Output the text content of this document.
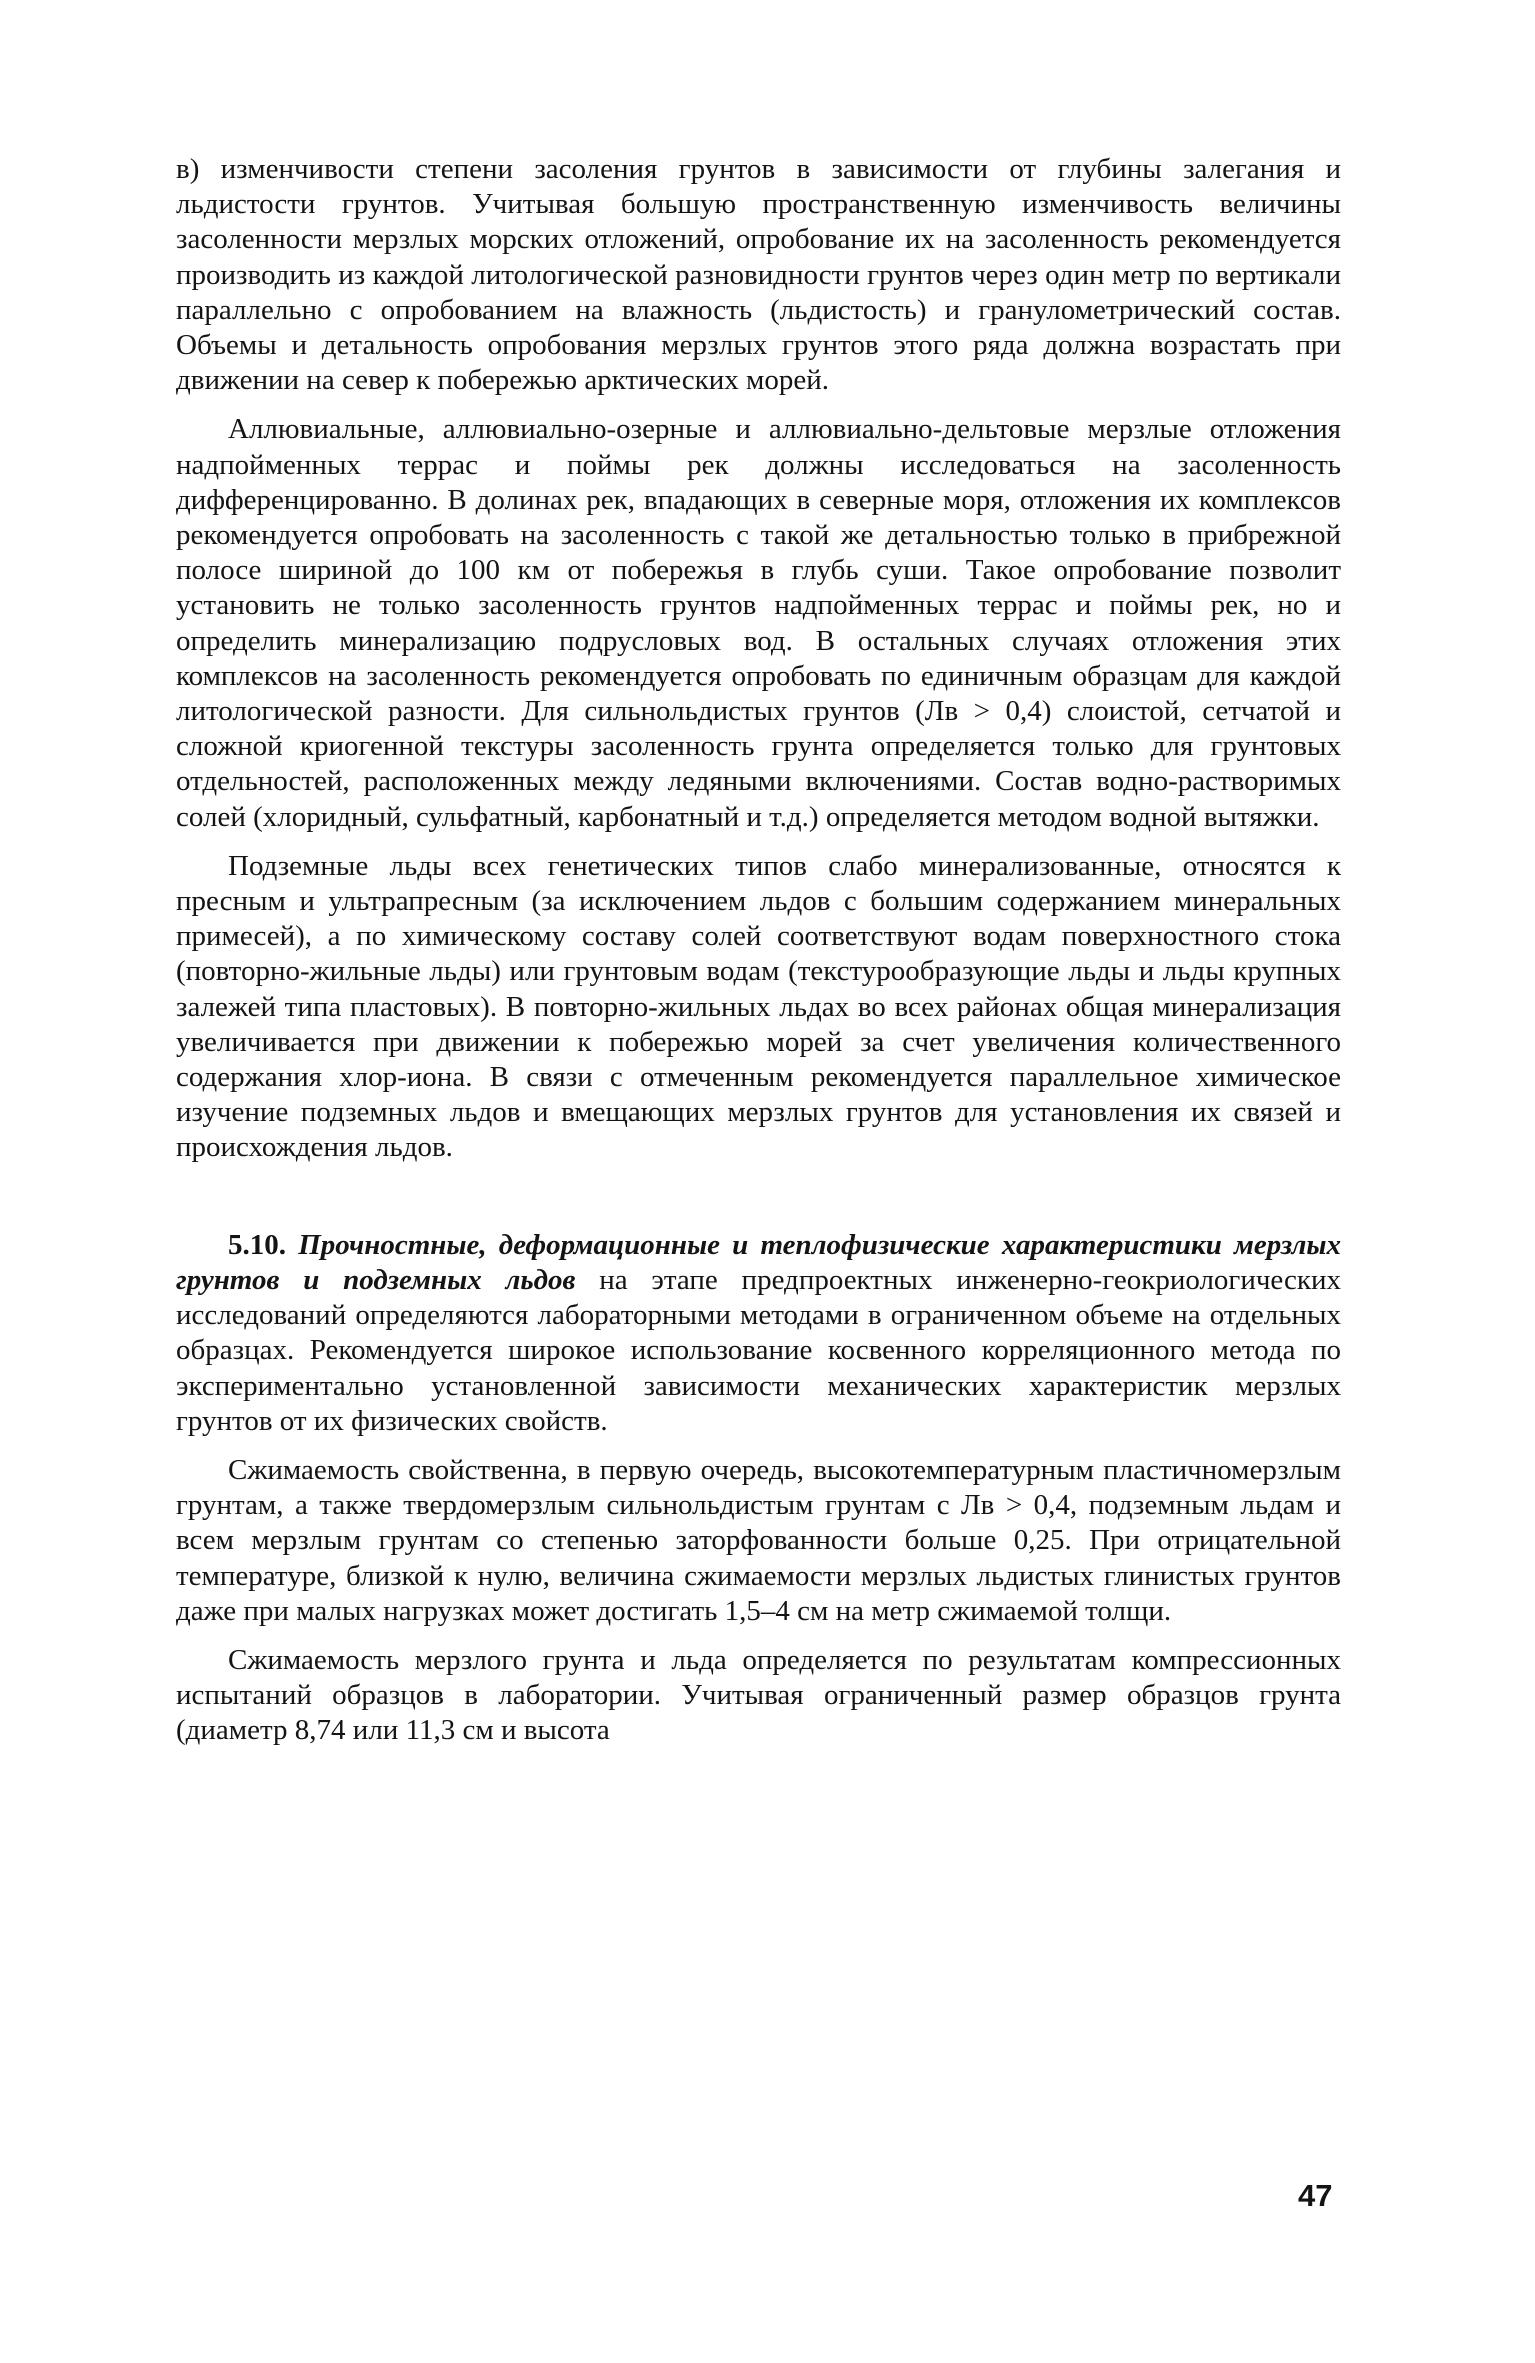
в) изменчивости степени засоления грунтов в зависимости от глубины залегания и льдистости грунтов. Учитывая большую пространственную изменчивость величины засоленности мерзлых морских отложений, опробование их на засоленность рекомендуется производить из каждой литологической разновидности грунтов через один метр по вертикали параллельно с опробованием на влажность (льдистость) и гранулометрический состав. Объемы и детальность опробования мерзлых грунтов этого ряда должна возрастать при движении на север к побережью арктических морей.

Аллювиальные, аллювиально-озерные и аллювиально-дельтовые мерзлые отложения надпойменных террас и поймы рек должны исследоваться на засоленность дифференцированно. В долинах рек, впадающих в северные моря, отложения их комплексов рекомендуется опробовать на засоленность с такой же детальностью только в прибрежной полосе шириной до 100 км от побережья в глубь суши. Такое опробование позволит установить не только засоленность грунтов надпойменных террас и поймы рек, но и определить минерализацию подрусловых вод. В остальных случаях отложения этих комплексов на засоленность рекомендуется опробовать по единичным образцам для каждой литологической разности. Для сильнольдистых грунтов (Лв > 0,4) слоистой, сетчатой и сложной криогенной текстуры засоленность грунта определяется только для грунтовых отдельностей, расположенных между ледяными включениями. Состав водно-растворимых солей (хлоридный, сульфатный, карбонатный и т.д.) определяется методом водной вытяжки.

Подземные льды всех генетических типов слабо минерализованные, относятся к пресным и ультрапресным (за исключением льдов с большим содержанием минеральных примесей), а по химическому составу солей соответствуют водам поверхностного стока (повторно-жильные льды) или грунтовым водам (текстурообразующие льды и льды крупных залежей типа пластовых). В повторно-жильных льдах во всех районах общая минерализация увеличивается при движении к побережью морей за счет увеличения количественного содержания хлор-иона. В связи с отмеченным рекомендуется параллельное химическое изучение подземных льдов и вмещающих мерзлых грунтов для установления их связей и происхождения льдов.

5.10. Прочностные, деформационные и теплофизические характеристики мерзлых грунтов и подземных льдов на этапе предпроектных инженерно-геокриологических исследований определяются лабораторными методами в ограниченном объеме на отдельных образцах. Рекомендуется широкое использование косвенного корреляционного метода по экспериментально установленной зависимости механических характеристик мерзлых грунтов от их физических свойств.

Сжимаемость свойственна, в первую очередь, высокотемпературным пластичномерзлым грунтам, а также твердомерзлым сильнольдистым грунтам с Лв > 0,4, подземным льдам и всем мерзлым грунтам со степенью заторфованности больше 0,25. При отрицательной температуре, близкой к нулю, величина сжимаемости мерзлых льдистых глинистых грунтов даже при малых нагрузках может достигать 1,5–4 см на метр сжимаемой толщи.

Сжимаемость мерзлого грунта и льда определяется по результатам компрессионных испытаний образцов в лаборатории. Учитывая ограниченный размер образцов грунта (диаметр 8,74 или 11,3 см и высота

47
